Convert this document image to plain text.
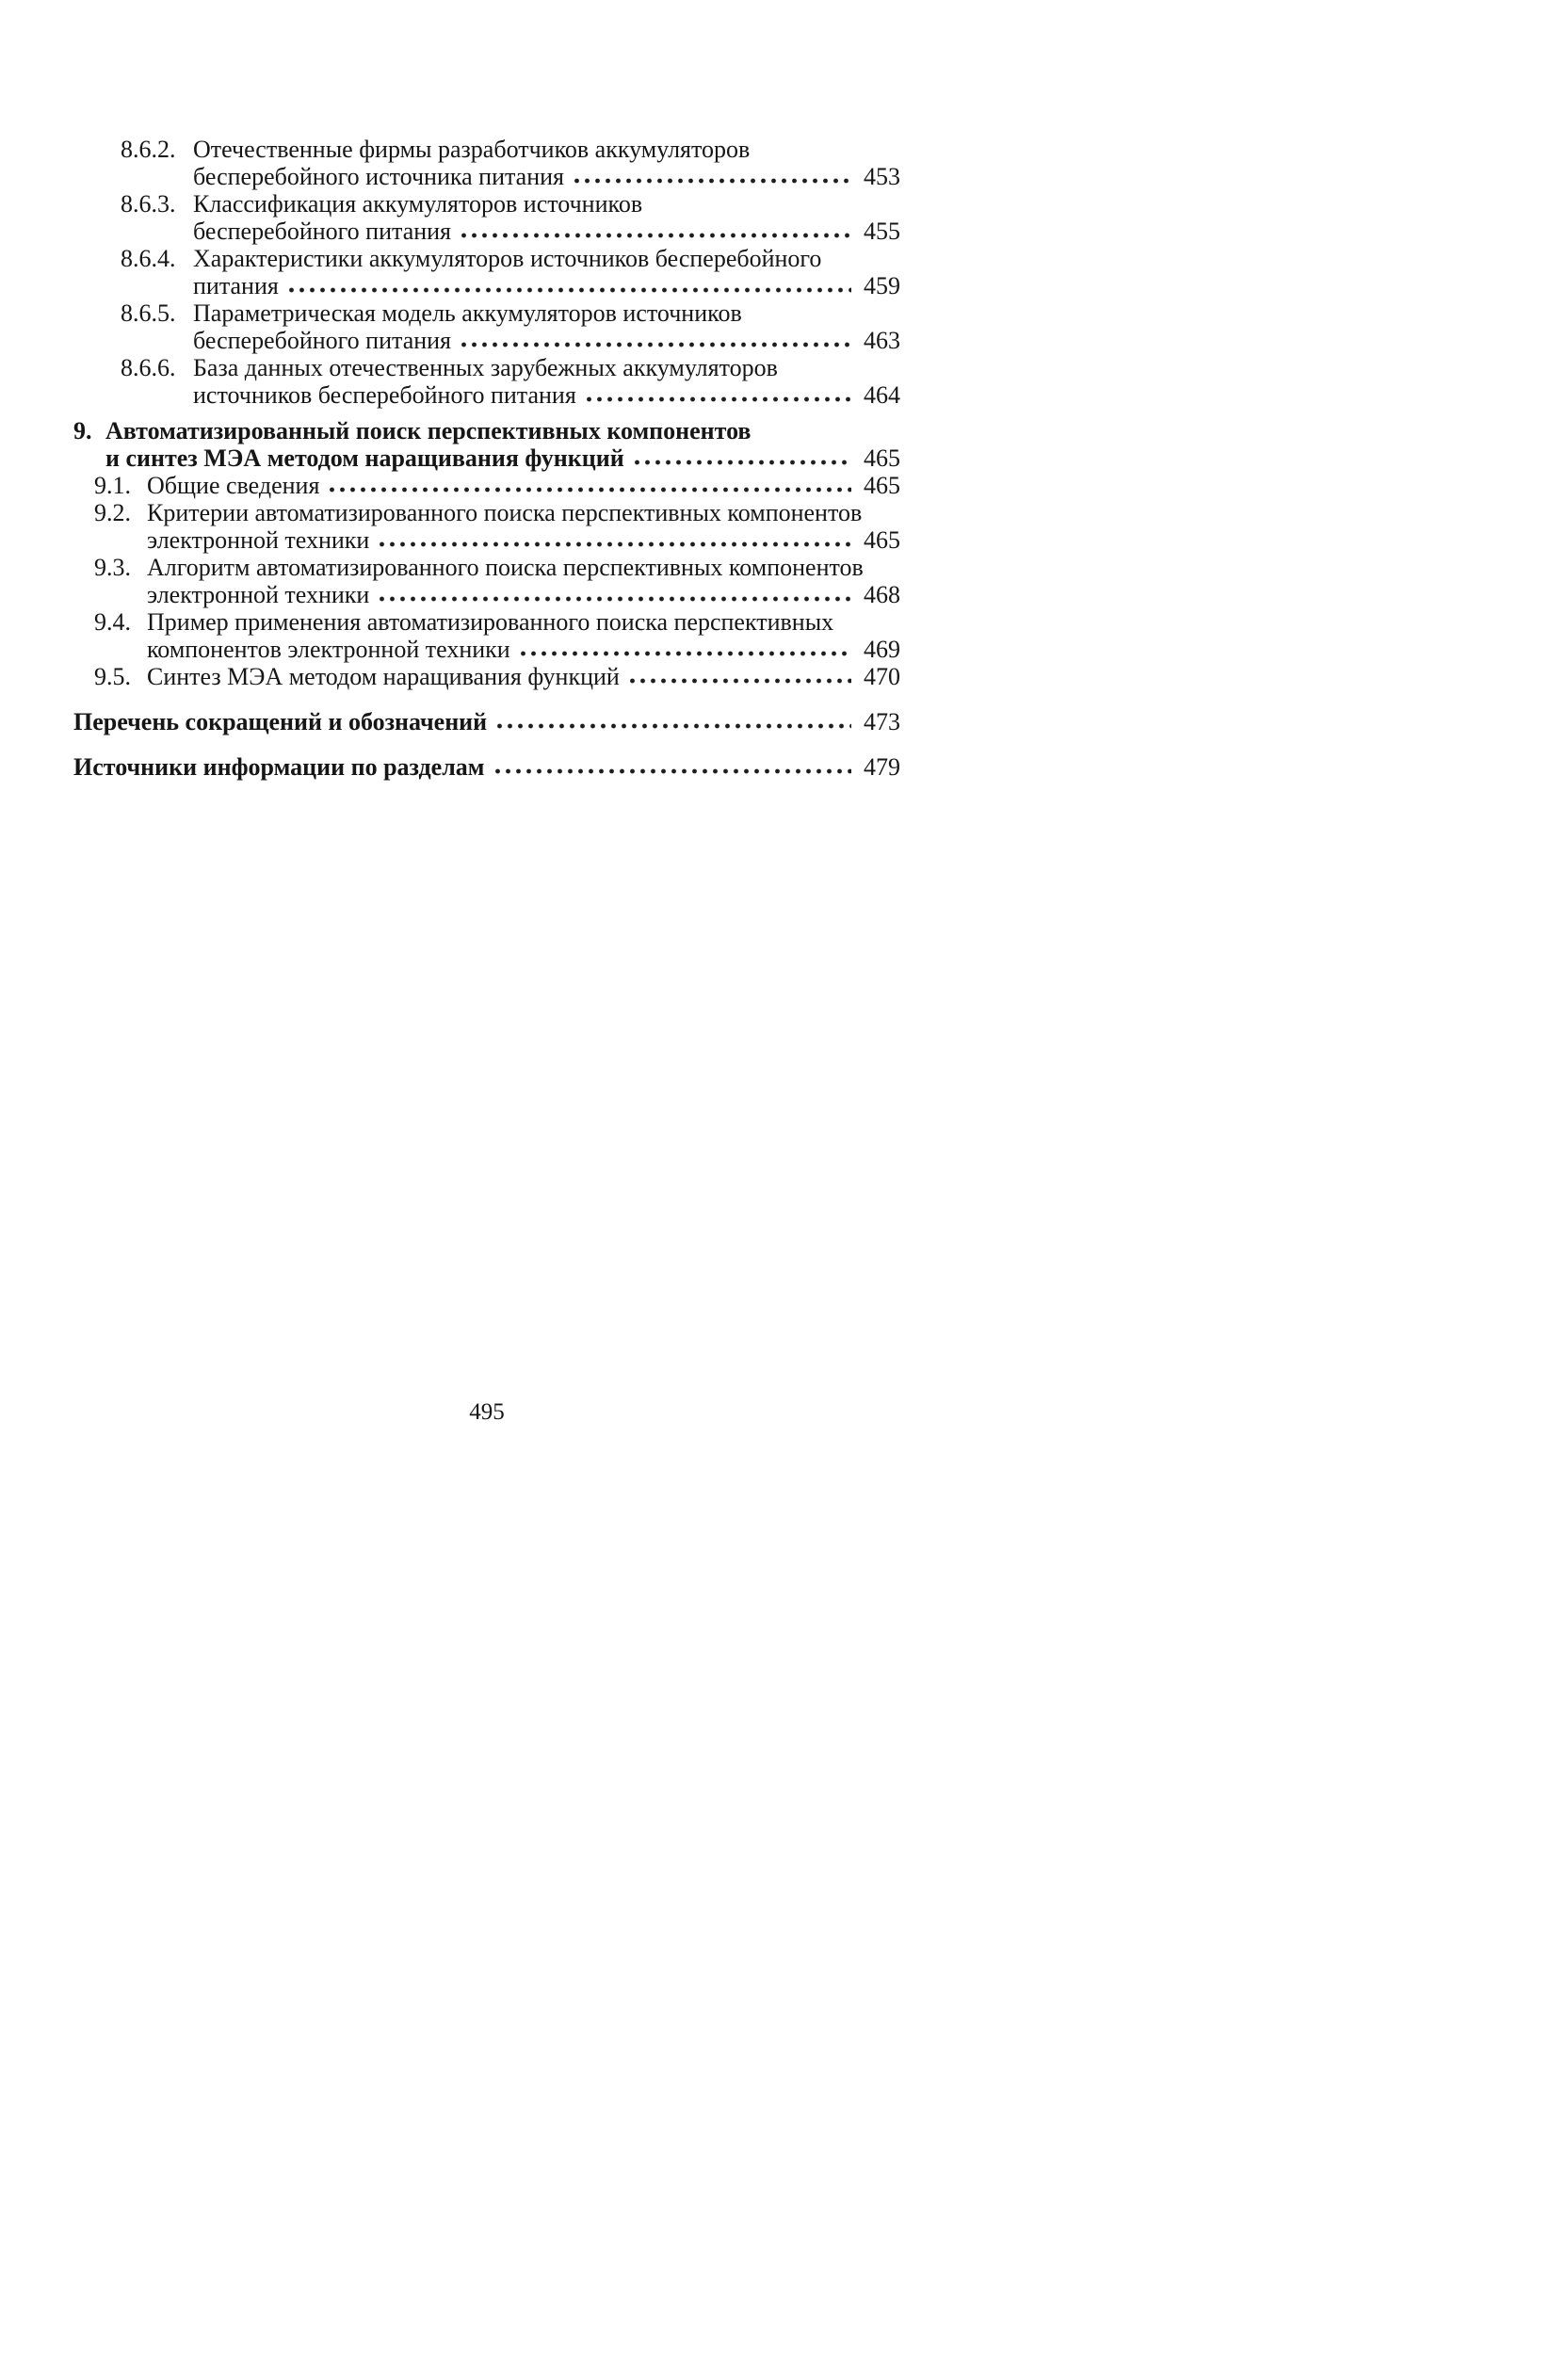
8.6.2. Отечественные фирмы разработчиков аккумуляторов
бесперебойного источника питания	453
8.6.3. Классификация аккумуляторов источников
бесперебойного питания	455
8.6.4. Характеристики аккумуляторов источников бесперебойного
питания	459
8.6.5. Параметрическая модель аккумуляторов источников
бесперебойного питания	463
8.6.6. База данных отечественных зарубежных аккумуляторов
источников бесперебойного питания	464
9. Автоматизированный поиск перспективных компонентов
и синтез МЭА методом наращивания функций	465
9.1. Общие сведения	465
9.2. Критерии автоматизированного поиска перспективных компонентов
электронной техники	465
9.3. Алгоритм автоматизированного поиска перспективных компонентов
электронной техники	468
9.4. Пример применения автоматизированного поиска перспективных
компонентов электронной техники	469
9.5. Синтез МЭА методом наращивания функций	470
Перечень сокращений и обозначений	473
Источники информации по разделам	479
495
